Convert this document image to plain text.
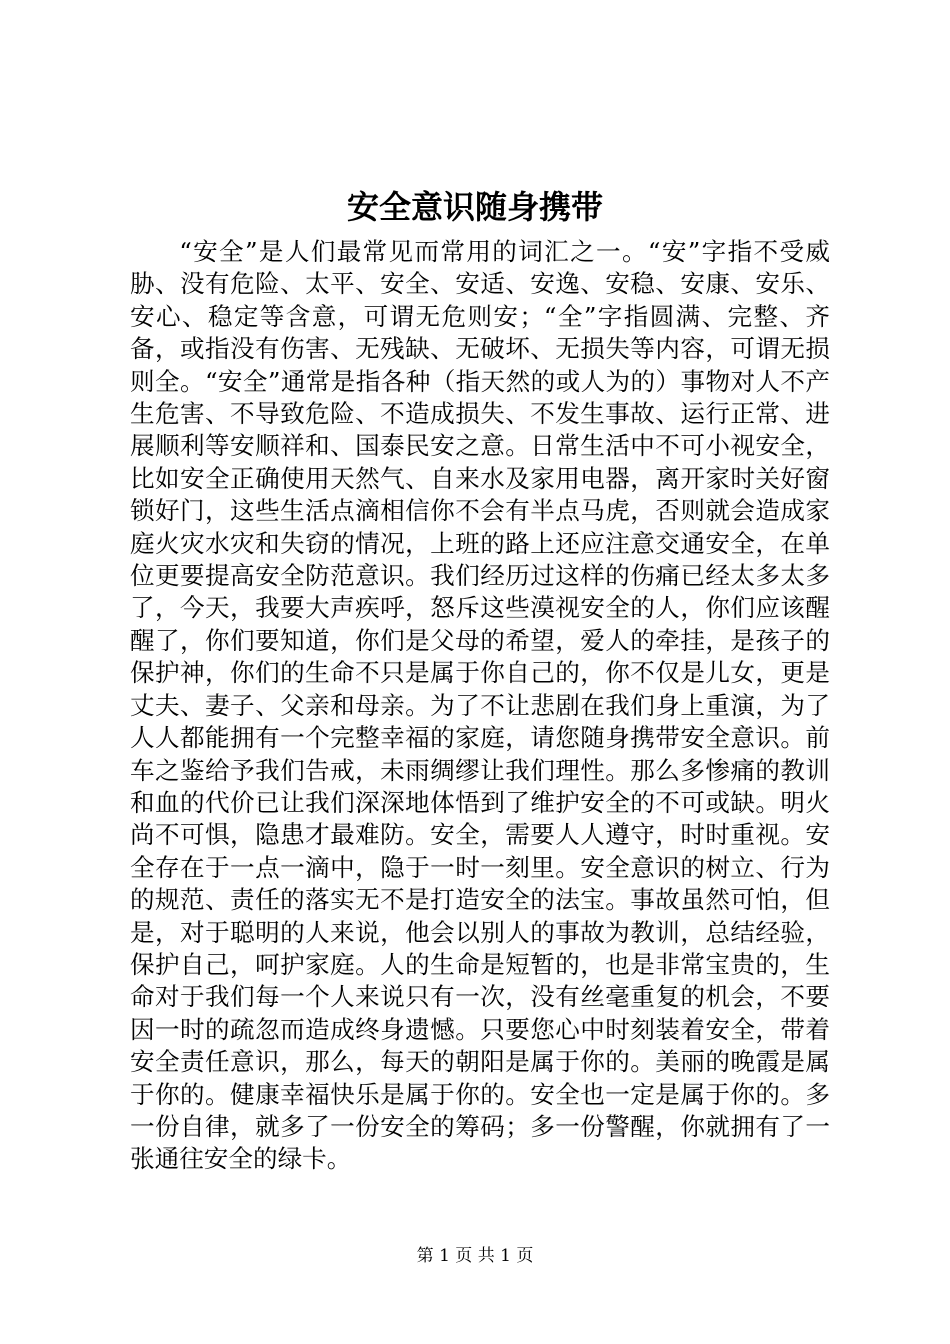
安全意识随身携带

“安全”是人们最常见而常用的词汇之一。“安”字指不受威胁、没有危险、太平、安全、安适、安逸、安稳、安康、安乐、安心、稳定等含意，可谓无危则安；“全”字指圆满、完整、齐备，或指没有伤害、无残缺、无破坏、无损失等内容，可谓无损则全。“安全”通常是指各种（指天然的或人为的）事物对人不产生危害、不导致危险、不造成损失、不发生事故、运行正常、进展顺利等安顺祥和、国泰民安之意。日常生活中不可小视安全，比如安全正确使用天然气、自来水及家用电器，离开家时关好窗锁好门，这些生活点滴相信你不会有半点马虎，否则就会造成家庭火灾水灾和失窃的情况，上班的路上还应注意交通安全，在单位更要提高安全防范意识。我们经历过这样的伤痛已经太多太多了，今天，我要大声疾呼，怒斥这些漠视安全的人，你们应该醒醒了，你们要知道，你们是父母的希望，爱人的牵挂，是孩子的保护神，你们的生命不只是属于你自己的，你不仅是儿女，更是丈夫、妻子、父亲和母亲。为了不让悲剧在我们身上重演，为了人人都能拥有一个完整幸福的家庭，请您随身携带安全意识。前车之鉴给予我们告戒，未雨绸缪让我们理性。那么多惨痛的教训和血的代价已让我们深深地体悟到了维护安全的不可或缺。明火尚不可惧，隐患才最难防。安全，需要人人遵守，时时重视。安全存在于一点一滴中，隐于一时一刻里。安全意识的树立、行为的规范、责任的落实无不是打造安全的法宝。事故虽然可怕，但是，对于聪明的人来说，他会以别人的事故为教训，总结经验，保护自己，呵护家庭。人的生命是短暂的，也是非常宝贵的，生命对于我们每一个人来说只有一次，没有丝毫重复的机会，不要因一时的疏忽而造成终身遗憾。只要您心中时刻装着安全，带着安全责任意识，那么，每天的朝阳是属于你的。美丽的晚霞是属于你的。健康幸福快乐是属于你的。安全也一定是属于你的。多一份自律，就多了一份安全的筹码；多一份警醒，你就拥有了一张通往安全的绿卡。

第 1 页 共 1 页
